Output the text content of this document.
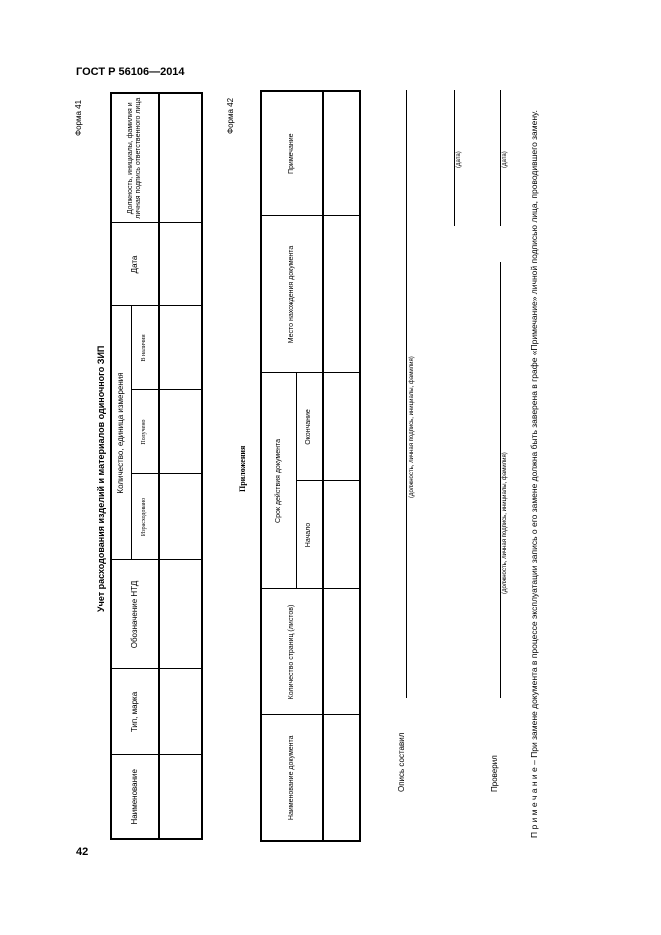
ГОСТ Р 56106—2014
42
Форма 41
Учет расходования изделий и материалов одиночного ЗИП
Наименование	Тип, марка	Обозначение НТД	Количество, единица измерения			Дата	Должность, инициалы, фамилия и личная подпись ответственного лица
			Израсходовано	Получено	В наличии		

Форма 42
Приложения
Наименование документа	Количество страниц (листов)	Срок действия документа		Место нахождения документа	Примечание
		Начало	Окончание		

Опись составил
(должность, личная подпись, инициалы, фамилия)
(дата)
Проверил
(должность, личная подпись, инициалы, фамилия)
(дата)
П р и м е ч а н и е – При замене документа в процессе эксплуатации запись о его замене должна быть заверена в графе «Примечание» личной подписью лица, проводившего замену.
